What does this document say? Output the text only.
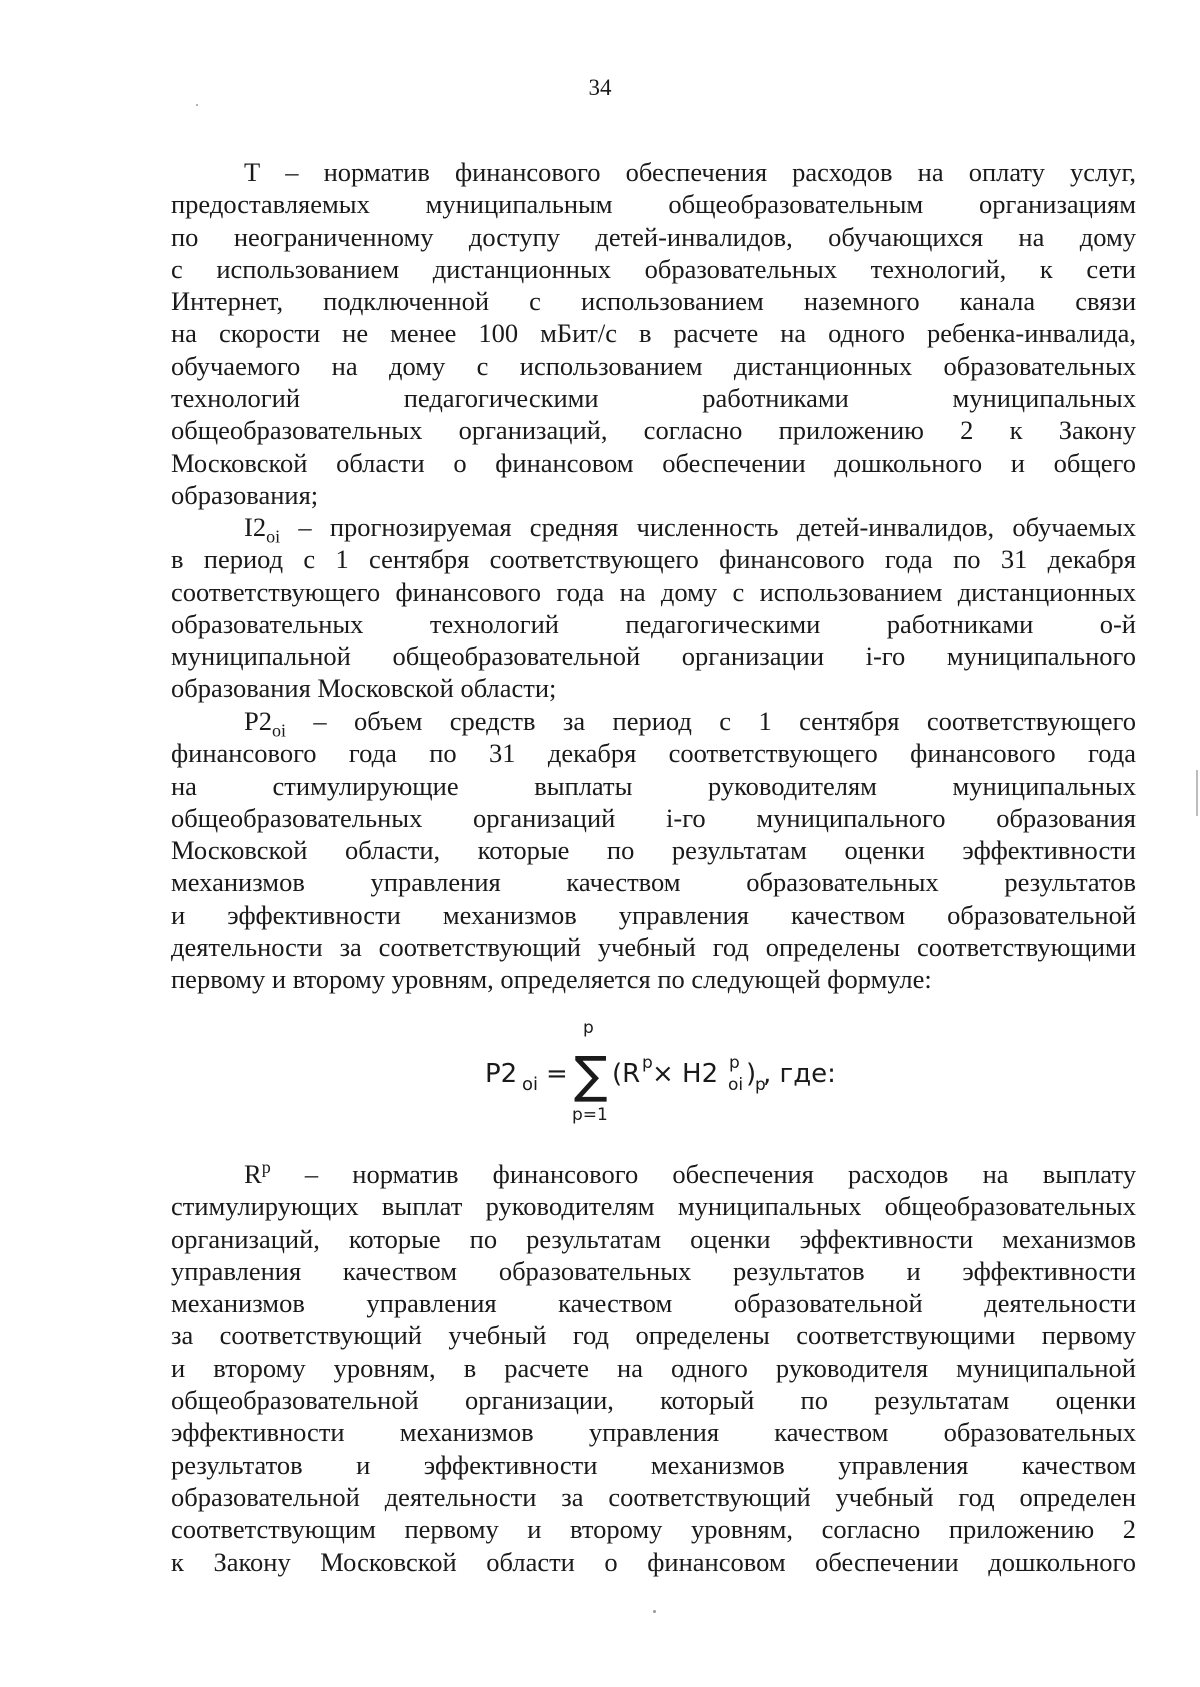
34
Т – норматив финансового обеспечения расходов на оплату услуг,
предоставляемых муниципальным общеобразовательным организациям
по неограниченному доступу детей-инвалидов, обучающихся на дому
с использованием дистанционных образовательных технологий, к сети
Интернет, подключенной с использованием наземного канала связи
на скорости не менее 100 мБит/с в расчете на одного ребенка-инвалида,
обучаемого на дому с использованием дистанционных образовательных
технологий педагогическими работниками муниципальных
общеобразовательных организаций, согласно приложению 2 к Закону
Московской области о финансовом обеспечении дошкольного и общего
образования;
$I2_{oi}$ – прогнозируемая средняя численность детей-инвалидов, обучаемых
в период с 1 сентября соответствующего финансового года по 31 декабря
соответствующего финансового года на дому с использованием дистанционных
образовательных технологий педагогическими работниками о-й
муниципальной общеобразовательной организации i-го муниципального
образования Московской области;
$P2_{oi}$ – объем средств за период с 1 сентября соответствующего
финансового года по 31 декабря соответствующего финансового года
на стимулирующие выплаты руководителям муниципальных
общеобразовательных организаций i-го муниципального образования
Московской области, которые по результатам оценки эффективности
механизмов управления качеством образовательных результатов
и эффективности механизмов управления качеством образовательной
деятельности за соответствующий учебный год определены соответствующими
первому и второму уровням, определяется по следующей формуле:
P2 oi = ∑
p
p=1
(R p × H2 p
oi )
p
, где:
$R^p$ – норматив финансового обеспечения расходов на выплату
стимулирующих выплат руководителям муниципальных общеобразовательных
организаций, которые по результатам оценки эффективности механизмов
управления качеством образовательных результатов и эффективности
механизмов управления качеством образовательной деятельности
за соответствующий учебный год определены соответствующими первому
и второму уровням, в расчете на одного руководителя муниципальной
общеобразовательной организации, который по результатам оценки
эффективности механизмов управления качеством образовательных
результатов и эффективности механизмов управления качеством
образовательной деятельности за соответствующий учебный год определен
соответствующим первому и второму уровням, согласно приложению 2
к Закону Московской области о финансовом обеспечении дошкольного
